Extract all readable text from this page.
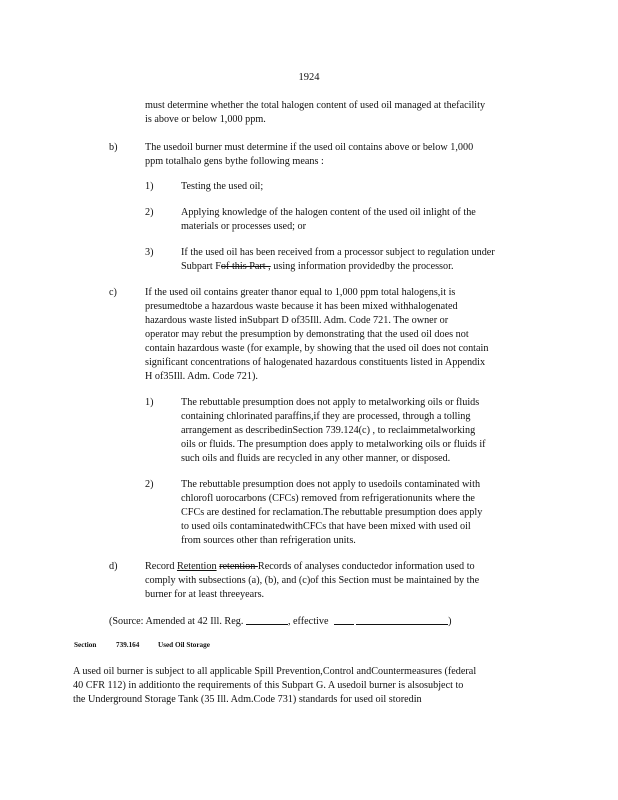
1924
must determine whether the total halogen content of used oil managed at thefacility
is above or below 1,000 ppm.
b)	The usedoil burner must determine if the used oil contains above or below 1,000
ppm totalhalo gens bythe following means :
1)	Testing the used oil;
2)	Applying knowledge of the halogen content of the used oil inlight of the
materials or processes used; or
3)	If the used oil has been received from a processor subject to regulation under
Subpart Fof this Part , using information providedby the processor.
c)	If the used oil contains greater thanor equal to 1,000 ppm total halogens,it is
presumedtobe a hazardous waste because it has been mixed withhalogenated
hazardous waste listed inSubpart D of35Ill. Adm. Code 721. The owner or
operator may rebut the presumption by demonstrating that the used oil does not
contain hazardous waste (for example, by showing that the used oil does not contain
significant concentrations of halogenated hazardous constituents listed in Appendix
H of35Ill. Adm. Code 721).
1)	The rebuttable presumption does not apply to metalworking oils or fluids
containing chlorinated paraffins,if they are processed, through a tolling
arrangement as describedinSection 739.124(c) , to reclaimmetalworking
oils or fluids. The presumption does apply to metalworking oils or fluids if
such oils and fluids are recycled in any other manner, or disposed.
2)	The rebuttable presumption does not apply to usedoils contaminated with
chlorofl uorocarbons (CFCs) removed from refrigerationunits where the
CFCs are destined for reclamation.The rebuttable presumption does apply
to used oils contaminatedwithCFCs that have been mixed with used oil
from sources other than refrigeration units.
d)	Record Retention retention Records of analyses conductedor information used to
comply with subsections (a), (b), and (c)of this Section must be maintained by the
burner for at least threeyears.
(Source: Amended at 42 Ill. Reg.	, effective	)
Section	739.164	Used Oil Storage
A used oil burner is subject to all applicable Spill Prevention,Control andCountermeasures (federal
40 CFR 112) in additionto the requirements of this Subpart G. A usedoil burner is alsosubject to
the Underground Storage Tank (35 Ill. Adm.Code 731) standards for used oil storedin
